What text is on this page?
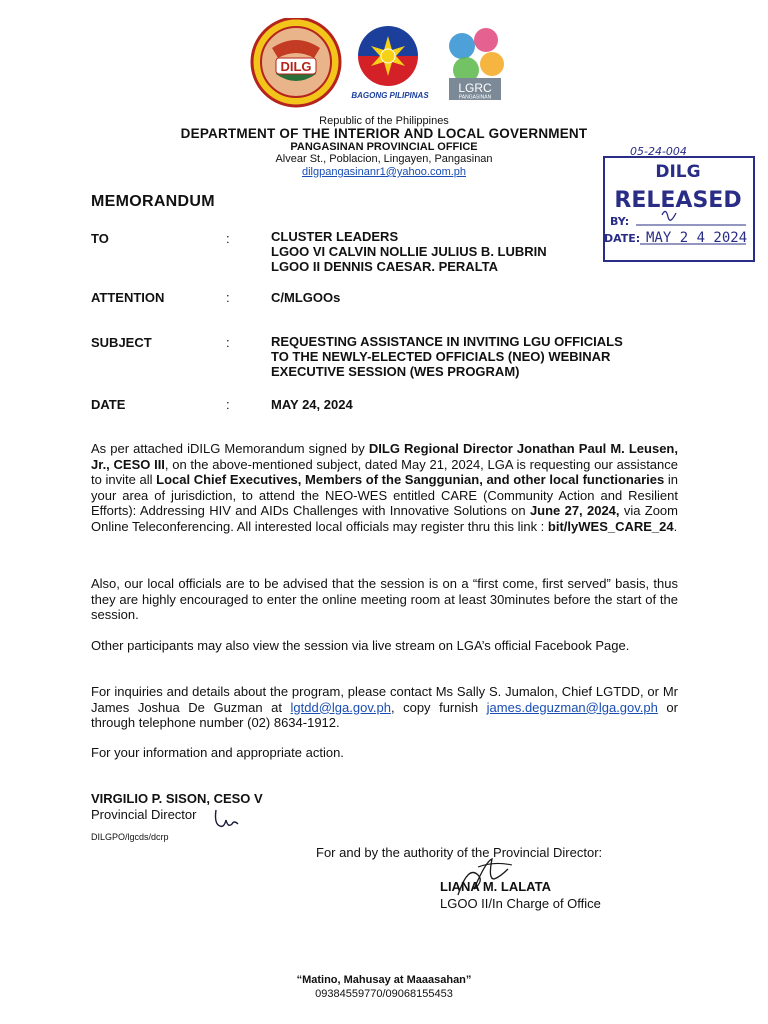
DILG
BAGONG PILIPINAS
LGRC
PANGASINAN
Republic of the Philippines
DEPARTMENT OF THE INTERIOR AND LOCAL GOVERNMENT
PANGASINAN PROVINCIAL OFFICE
Alvear St., Poblacion, Lingayen, Pangasinan
dilgpangasinanr1@yahoo.com.ph
05-24-004
DILG
RELEASED
BY:
DATE: MAY 2 4 2024
MEMORANDUM
TO	:	CLUSTER LEADERS
LGOO VI CALVIN NOLLIE JULIUS B. LUBRIN
LGOO II DENNIS CAESAR. PERALTA
ATTENTION	:	C/MLGOOs
SUBJECT	:	REQUESTING ASSISTANCE IN INVITING LGU OFFICIALS
TO THE NEWLY-ELECTED OFFICIALS (NEO) WEBINAR
EXECUTIVE SESSION (WES PROGRAM)
DATE	:	MAY 24, 2024
As per attached iDILG Memorandum signed by DILG Regional Director Jonathan Paul M. Leusen, Jr., CESO III, on the above-mentioned subject, dated May 21, 2024, LGA is requesting our assistance to invite all Local Chief Executives, Members of the Sanggunian, and other local functionaries in your area of jurisdiction, to attend the NEO-WES entitled CARE (Community Action and Resilient Efforts): Addressing HIV and AIDs Challenges with Innovative Solutions on June 27, 2024, via Zoom Online Teleconferencing. All interested local officials may register thru this link : bit/lyWES_CARE_24.
Also, our local officials are to be advised that the session is on a “first come, first served” basis, thus they are highly encouraged to enter the online meeting room at least 30minutes before the start of the session.
Other participants may also view the session via live stream on LGA’s official Facebook Page.
For inquiries and details about the program, please contact Ms Sally S. Jumalon, Chief LGTDD, or Mr James Joshua De Guzman at lgtdd@lga.gov.ph, copy furnish james.deguzman@lga.gov.ph or through telephone number (02) 8634-1912.
For your information and appropriate action.
VIRGILIO P. SISON, CESO V
Provincial Director
DILGPO/lgcds/dcrp
For and by the authority of the Provincial Director:
LIANA M. LALATA
LGOO II/In Charge of Office
“Matino, Mahusay at Maaasahan”
09384559770/09068155453
